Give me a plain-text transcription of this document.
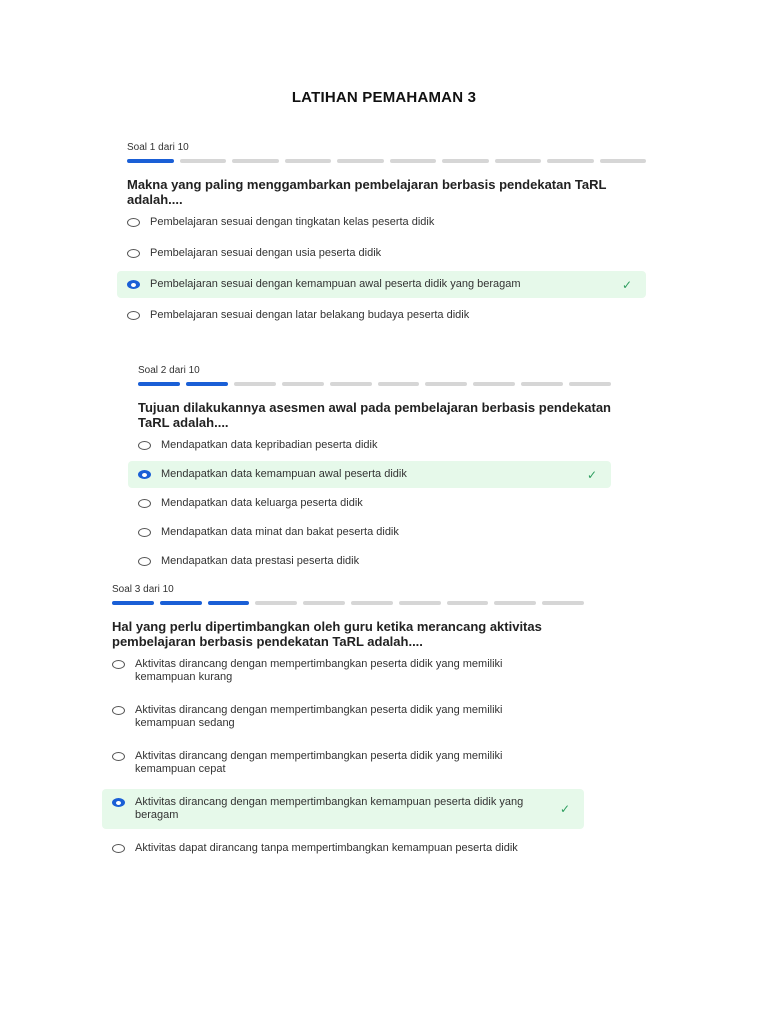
LATIHAN PEMAHAMAN 3
Soal 1 dari 10
Makna yang paling menggambarkan pembelajaran berbasis pendekatan TaRL adalah....
Pembelajaran sesuai dengan tingkatan kelas peserta didik
Pembelajaran sesuai dengan usia peserta didik
Pembelajaran sesuai dengan kemampuan awal peserta didik yang beragam	✓
Pembelajaran sesuai dengan latar belakang budaya peserta didik
Soal 2 dari 10
Tujuan dilakukannya asesmen awal pada pembelajaran berbasis pendekatan TaRL adalah....
Mendapatkan data kepribadian peserta didik
Mendapatkan data kemampuan awal peserta didik	✓
Mendapatkan data keluarga peserta didik
Mendapatkan data minat dan bakat peserta didik
Mendapatkan data prestasi peserta didik
Soal 3 dari 10
Hal yang perlu dipertimbangkan oleh guru ketika merancang aktivitas pembelajaran berbasis pendekatan TaRL adalah....
Aktivitas dirancang dengan mempertimbangkan peserta didik yang memiliki kemampuan kurang
Aktivitas dirancang dengan mempertimbangkan peserta didik yang memiliki kemampuan sedang
Aktivitas dirancang dengan mempertimbangkan peserta didik yang memiliki kemampuan cepat
Aktivitas dirancang dengan mempertimbangkan kemampuan peserta didik yang beragam	✓
Aktivitas dapat dirancang tanpa mempertimbangkan kemampuan peserta didik
